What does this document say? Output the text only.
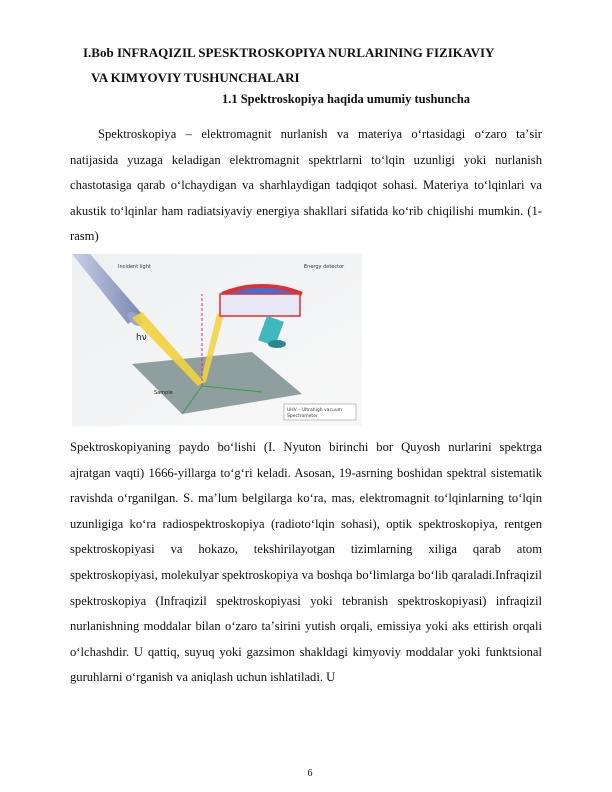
I.Bob INFRAQIZIL SPESKTROSKOPIYA NURLARINING FIZIKAVIY
VA KIMYOVIY TUSHUNCHALARI
1.1 Spektroskopiya haqida umumiy tushuncha
Spektroskopiya – elektromagnit nurlanish va materiya oʻrtasidagi oʻzaro taʼsir natijasida yuzaga keladigan elektromagnit spektrlarni toʻlqin uzunligi yoki nurlanish chastotasiga qarab oʻlchaydigan va sharhlaydigan tadqiqot sohasi. Materiya toʻlqinlari va akustik toʻlqinlar ham radiatsiyaviy energiya shakllari sifatida koʻrib chiqilishi mumkin. (1-rasm)
Incident light	Energy detector
hν
Sample
UHV – Ultrahigh vacuum
Spectrometer
Spektroskopiyaning paydo boʻlishi (I. Nyuton birinchi bor Quyosh nurlarini spektrga ajratgan vaqti) 1666-yillarga toʻgʻri keladi. Asosan, 19-asrning boshidan spektral sistematik ravishda oʻrganilgan. S. maʼlum belgilarga koʻra, mas, elektromagnit toʻlqinlarning toʻlqin uzunligiga koʻra radiospektroskopiya (radiotoʻlqin sohasi), optik spektroskopiya, rentgen spektroskopiyasi va hokazo, tekshirilayotgan tizimlarning xiliga qarab atom spektroskopiyasi, molekulyar spektroskopiya va boshqa boʻlimlarga boʻlib qaraladi.Infraqizil spektroskopiya (Infraqizil spektroskopiyasi yoki tebranish spektroskopiyasi) infraqizil nurlanishning moddalar bilan oʻzaro taʼsirini yutish orqali, emissiya yoki aks ettirish orqali oʻlchashdir. U qattiq, suyuq yoki gazsimon shakldagi kimyoviy moddalar yoki funktsional guruhlarni oʻrganish va aniqlash uchun ishlatiladi. U
6
